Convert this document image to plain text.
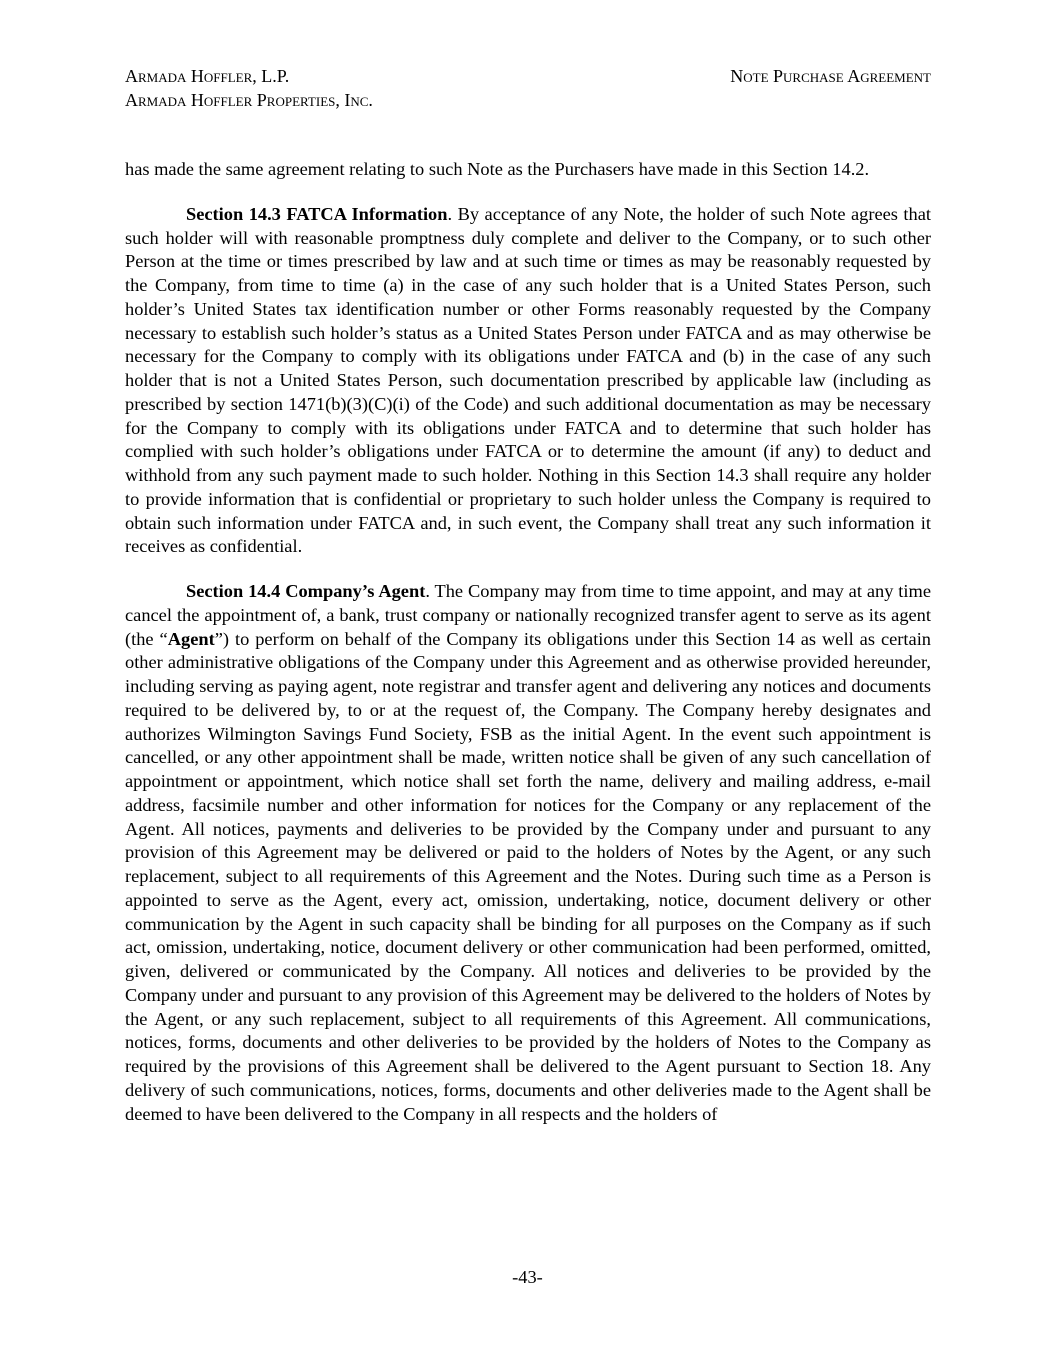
Armada Hoffler, L.P.
Armada Hoffler Properties, Inc.
Note Purchase Agreement

has made the same agreement relating to such Note as the Purchasers have made in this Section 14.2.

Section 14.3 FATCA Information. By acceptance of any Note, the holder of such Note agrees that such holder will with reasonable promptness duly complete and deliver to the Company, or to such other Person at the time or times prescribed by law and at such time or times as may be reasonably requested by the Company, from time to time (a) in the case of any such holder that is a United States Person, such holder’s United States tax identification number or other Forms reasonably requested by the Company necessary to establish such holder’s status as a United States Person under FATCA and as may otherwise be necessary for the Company to comply with its obligations under FATCA and (b) in the case of any such holder that is not a United States Person, such documentation prescribed by applicable law (including as prescribed by section 1471(b)(3)(C)(i) of the Code) and such additional documentation as may be necessary for the Company to comply with its obligations under FATCA and to determine that such holder has complied with such holder’s obligations under FATCA or to determine the amount (if any) to deduct and withhold from any such payment made to such holder. Nothing in this Section 14.3 shall require any holder to provide information that is confidential or proprietary to such holder unless the Company is required to obtain such information under FATCA and, in such event, the Company shall treat any such information it receives as confidential.

Section 14.4 Company’s Agent. The Company may from time to time appoint, and may at any time cancel the appointment of, a bank, trust company or nationally recognized transfer agent to serve as its agent (the “Agent”) to perform on behalf of the Company its obligations under this Section 14 as well as certain other administrative obligations of the Company under this Agreement and as otherwise provided hereunder, including serving as paying agent, note registrar and transfer agent and delivering any notices and documents required to be delivered by, to or at the request of, the Company. The Company hereby designates and authorizes Wilmington Savings Fund Society, FSB as the initial Agent. In the event such appointment is cancelled, or any other appointment shall be made, written notice shall be given of any such cancellation of appointment or appointment, which notice shall set forth the name, delivery and mailing address, e-mail address, facsimile number and other information for notices for the Company or any replacement of the Agent. All notices, payments and deliveries to be provided by the Company under and pursuant to any provision of this Agreement may be delivered or paid to the holders of Notes by the Agent, or any such replacement, subject to all requirements of this Agreement and the Notes. During such time as a Person is appointed to serve as the Agent, every act, omission, undertaking, notice, document delivery or other communication by the Agent in such capacity shall be binding for all purposes on the Company as if such act, omission, undertaking, notice, document delivery or other communication had been performed, omitted, given, delivered or communicated by the Company. All notices and deliveries to be provided by the Company under and pursuant to any provision of this Agreement may be delivered to the holders of Notes by the Agent, or any such replacement, subject to all requirements of this Agreement. All communications, notices, forms, documents and other deliveries to be provided by the holders of Notes to the Company as required by the provisions of this Agreement shall be delivered to the Agent pursuant to Section 18. Any delivery of such communications, notices, forms, documents and other deliveries made to the Agent shall be deemed to have been delivered to the Company in all respects and the holders of

-43-
